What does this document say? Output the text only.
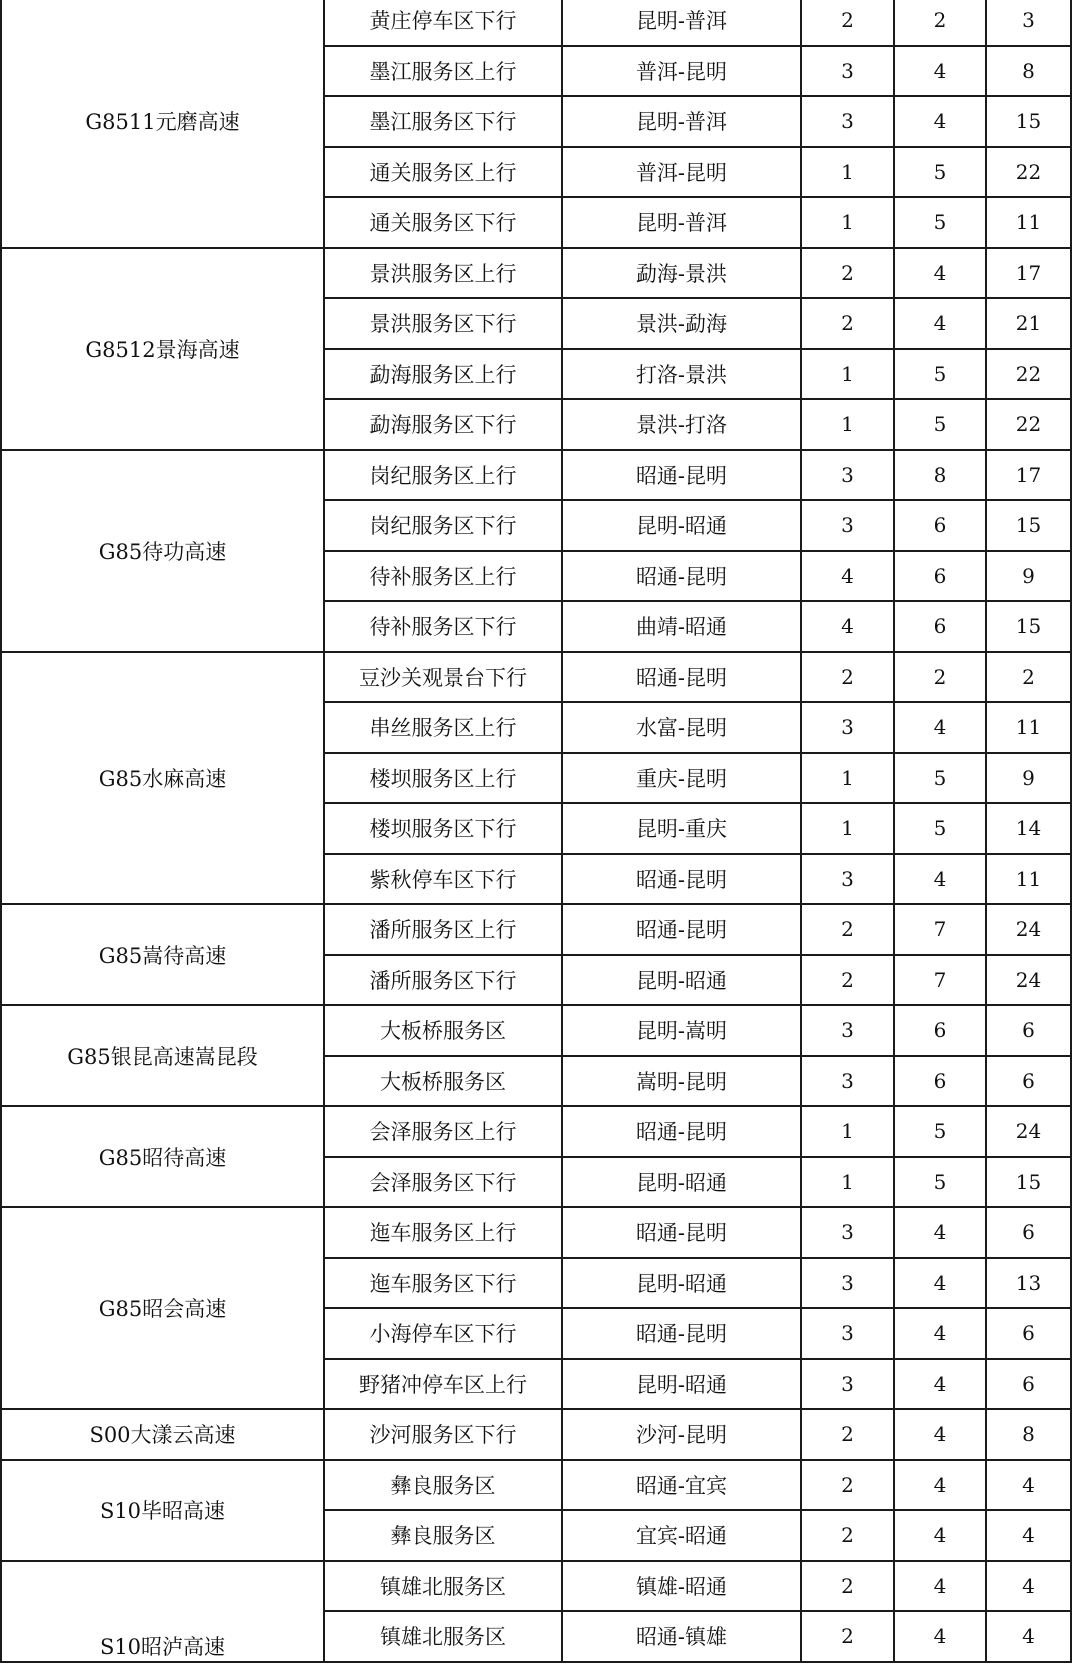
G8511元磨高速	黄庄停车区下行	昆明-普洱	2	2	3
	墨江服务区上行	普洱-昆明	3	4	8
	墨江服务区下行	昆明-普洱	3	4	15
	通关服务区上行	普洱-昆明	1	5	22
	通关服务区下行	昆明-普洱	1	5	11
G8512景海高速	景洪服务区上行	勐海-景洪	2	4	17
	景洪服务区下行	景洪-勐海	2	4	21
	勐海服务区上行	打洛-景洪	1	5	22
	勐海服务区下行	景洪-打洛	1	5	22
G85待功高速	岗纪服务区上行	昭通-昆明	3	8	17
	岗纪服务区下行	昆明-昭通	3	6	15
	待补服务区上行	昭通-昆明	4	6	9
	待补服务区下行	曲靖-昭通	4	6	15
G85水麻高速	豆沙关观景台下行	昭通-昆明	2	2	2
	串丝服务区上行	水富-昆明	3	4	11
	楼坝服务区上行	重庆-昆明	1	5	9
	楼坝服务区下行	昆明-重庆	1	5	14
	紫秋停车区下行	昭通-昆明	3	4	11
G85嵩待高速	潘所服务区上行	昭通-昆明	2	7	24
	潘所服务区下行	昆明-昭通	2	7	24
G85银昆高速嵩昆段	大板桥服务区	昆明-嵩明	3	6	6
	大板桥服务区	嵩明-昆明	3	6	6
G85昭待高速	会泽服务区上行	昭通-昆明	1	5	24
	会泽服务区下行	昆明-昭通	1	5	15
G85昭会高速	迤车服务区上行	昭通-昆明	3	4	6
	迤车服务区下行	昆明-昭通	3	4	13
	小海停车区下行	昭通-昆明	3	4	6
	野猪冲停车区上行	昆明-昭通	3	4	6
S00大漾云高速	沙河服务区下行	沙河-昆明	2	4	8
S10毕昭高速	彝良服务区	昭通-宜宾	2	4	4
	彝良服务区	宜宾-昭通	2	4	4
S10昭泸高速	镇雄北服务区	镇雄-昭通	2	4	4
	镇雄北服务区	昭通-镇雄	2	4	4
